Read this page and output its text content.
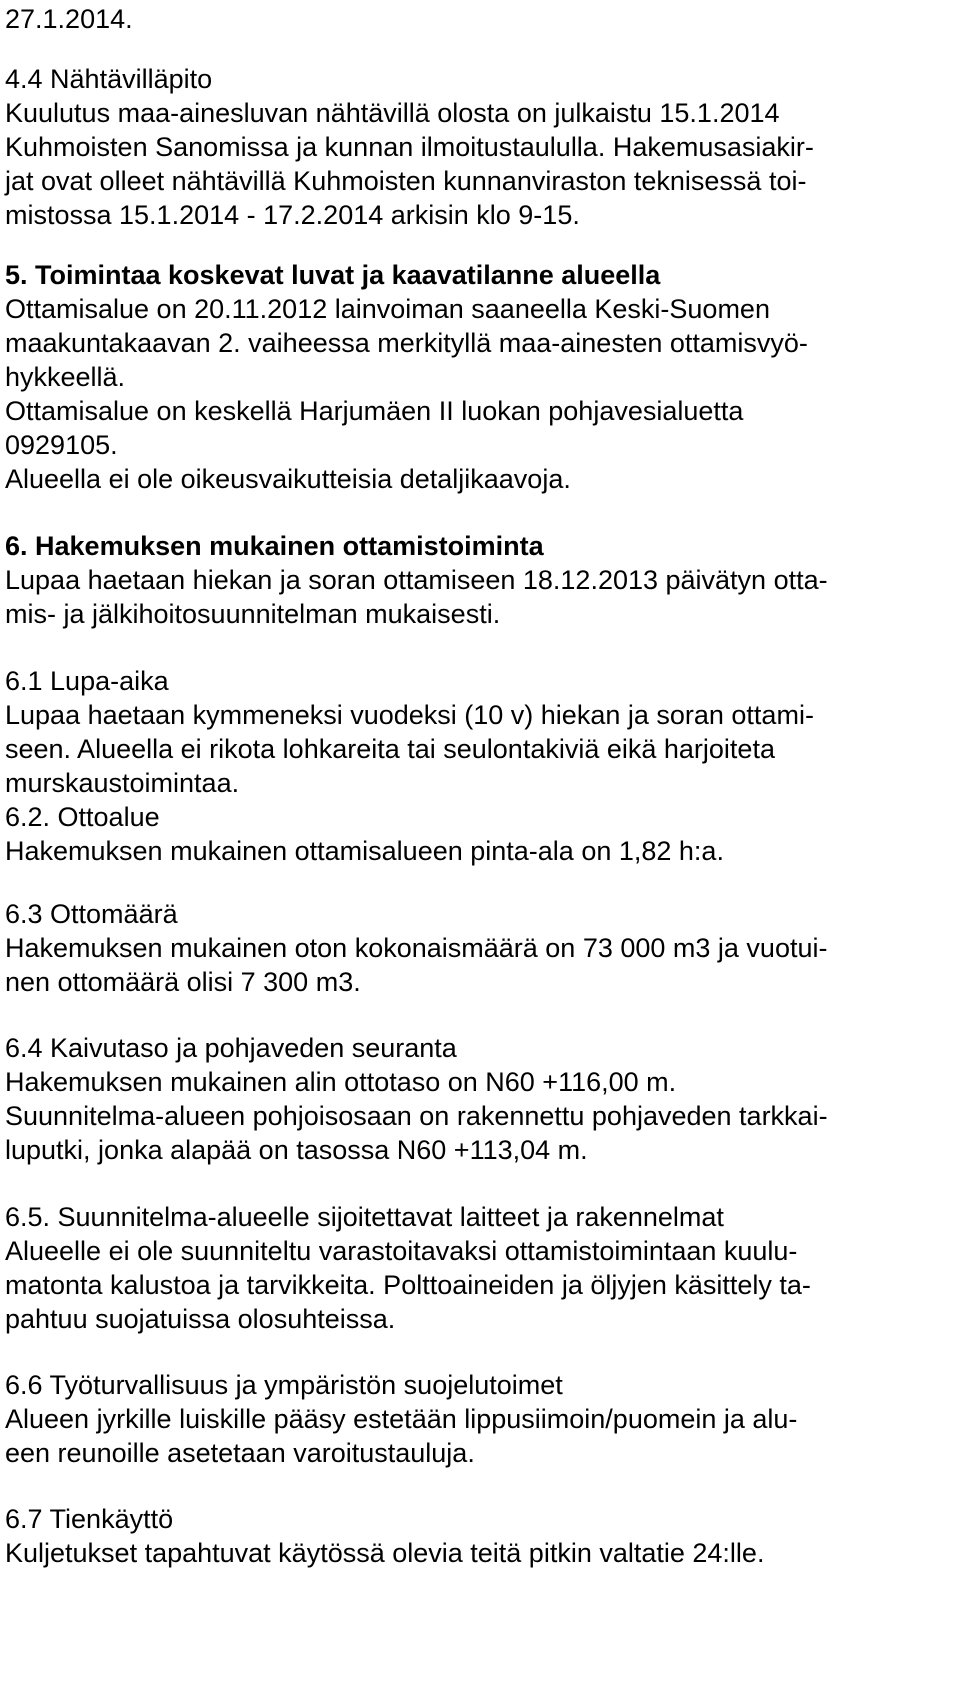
27.1.2014.

4.4 Nähtävilläpito

Kuulutus maa-ainesluvan nähtävillä olosta on julkaistu 15.1.2014

Kuhmoisten Sanomissa ja kunnan ilmoitustaululla. Hakemusasiakir-

jat ovat olleet nähtävillä Kuhmoisten kunnanviraston teknisessä toi-

mistossa 15.1.2014 - 17.2.2014 arkisin klo 9-15.

5. Toimintaa koskevat luvat ja kaavatilanne alueella

Ottamisalue on 20.11.2012 lainvoiman saaneella Keski-Suomen

maakuntakaavan 2. vaiheessa merkityllä maa-ainesten ottamisvyö-

hykkeellä.

Ottamisalue on keskellä Harjumäen II luokan pohjavesialuetta

0929105.

Alueella ei ole oikeusvaikutteisia detaljikaavoja.

6. Hakemuksen mukainen ottamistoiminta

Lupaa haetaan hiekan ja soran ottamiseen 18.12.2013 päivätyn otta-

mis- ja jälkihoitosuunnitelman mukaisesti.

6.1 Lupa-aika

Lupaa haetaan kymmeneksi vuodeksi (10 v) hiekan ja soran ottami-

seen. Alueella ei rikota lohkareita tai seulontakiviä eikä harjoiteta

murskaustoimintaa.

6.2. Ottoalue

Hakemuksen mukainen ottamisalueen pinta-ala on 1,82 h:a.

6.3 Ottomäärä

Hakemuksen mukainen oton kokonaismäärä on 73 000 m3 ja vuotui-

nen ottomäärä olisi 7 300 m3.

6.4 Kaivutaso ja pohjaveden seuranta

Hakemuksen mukainen alin ottotaso on N60 +116,00 m.

Suunnitelma-alueen pohjoisosaan on rakennettu pohjaveden tarkkai-

luputki, jonka alapää on tasossa N60 +113,04 m.

6.5. Suunnitelma-alueelle sijoitettavat laitteet ja rakennelmat

Alueelle ei ole suunniteltu varastoitavaksi ottamistoimintaan kuulu-

matonta kalustoa ja tarvikkeita. Polttoaineiden ja öljyjen käsittely ta-

pahtuu suojatuissa olosuhteissa.

6.6 Työturvallisuus ja ympäristön suojelutoimet

Alueen jyrkille luiskille pääsy estetään lippusiimoin/puomein ja alu-

een reunoille asetetaan varoitustauluja.

6.7 Tienkäyttö

Kuljetukset tapahtuvat käytössä olevia teitä pitkin valtatie 24:lle.
